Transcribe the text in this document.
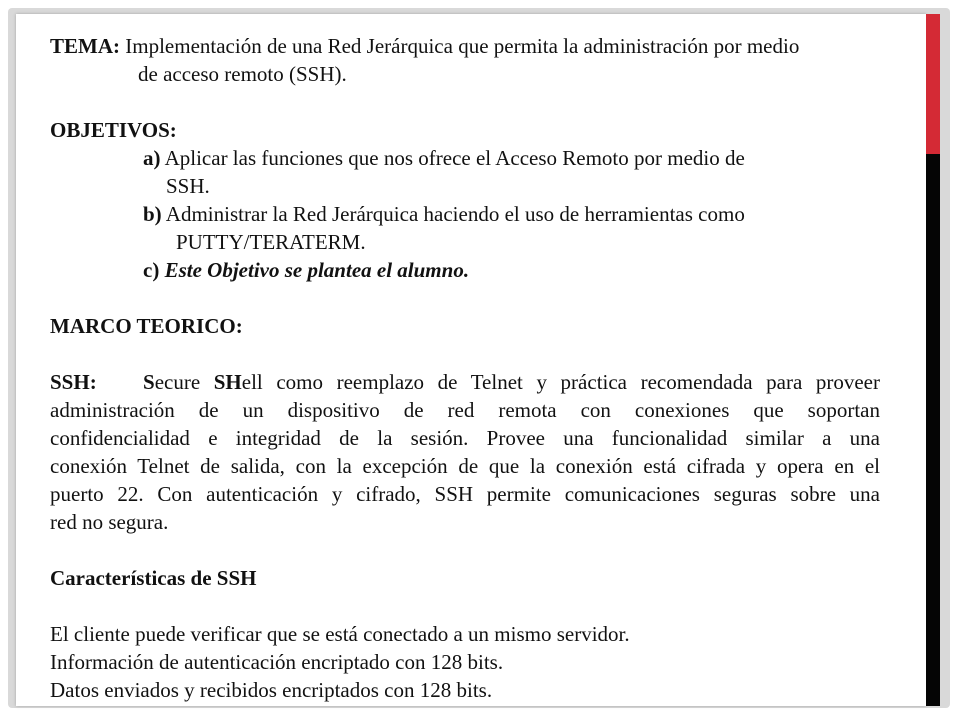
TEMA: Implementación de una Red Jerárquica que permita la administración por medio
de acceso remoto (SSH).
OBJETIVOS:
a) Aplicar las funciones que nos ofrece el Acceso Remoto por medio de
SSH.
b) Administrar la Red Jerárquica haciendo el uso de herramientas como
PUTTY/TERATERM.
c) Este Objetivo se plantea el alumno.
MARCO TEORICO:
SSH: Secure SHell como reemplazo de Telnet y práctica recomendada para proveer
administración de un dispositivo de red remota con conexiones que soportan
confidencialidad e integridad de la sesión. Provee una funcionalidad similar a una
conexión Telnet de salida, con la excepción de que la conexión está cifrada y opera en el
puerto 22. Con autenticación y cifrado, SSH permite comunicaciones seguras sobre una
red no segura.
Características de SSH
El cliente puede verificar que se está conectado a un mismo servidor.
Información de autenticación encriptado con 128 bits.
Datos enviados y recibidos encriptados con 128 bits.
